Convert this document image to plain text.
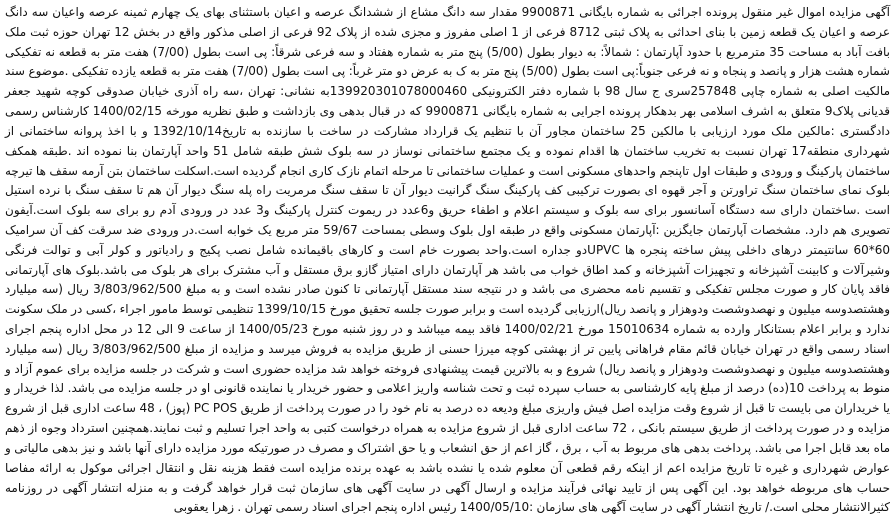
آگهی مزایده اموال غیر منقول پرونده اجرائی به شماره بایگانی 9900871 مقدار سه دانگ مشاع از ششدانگ عرصه و اعیان باستثنای بهای یک چهارم ثمینه عرصه واعیان سه دانگ عرصه و اعیان یک قطعه زمین با بنای احداثی به پلاک ثبتی 8712 فرعی از 1 اصلی مفروز و مجزی شده از پلاک 92 فرعی از اصلی مذکور واقع در بخش 12 تهران حوزه ثبت ملک بافت آباد به مساحت 35 مترمربع با حدود آپارتمان : شمالاً: به دیوار بطول (5/00) پنج متر به شماره هفتاد و سه فرعی شرقاً: پی است بطول (7/00) هفت متر به قطعه نه تفکیکی شماره هشت هزار و پانصد و پنجاه و نه فرعی جنوباً:پی است بطول (5/00) پنج متر به ک به عرض دو متر غرباً: پی است بطول (7/00) هفت متر به قطعه یازده تفکیکی .موضوع سند مالکیت اصلی به شماره چاپی 257848سری ج سال 98 با شماره دفتر الکترونیکی 139920301078000460به نشانی: تهران ،سه راه آذری خیابان صدوقی کوچه شهید جعفر قدیانی پلاک9 متعلق به اشرف اسلامی بهر بدهکار پرونده اجرایی به شماره بایگانی 9900871 که در قبال بدهی وی بازداشت و طبق نظریه مورخه 1400/02/15 کارشناس رسمی دادگستری :مالکین ملک مورد ارزیابی با مالکین 25 ساختمان مجاور آن با تنظیم یک قرارداد مشارکت در ساخت با سازنده به تاریخ1392/10/14 و با اخذ پروانه ساختمانی از شهرداری منطقه17 تهران نسبت به تخریب ساختمان ها اقدام نموده و یک مجتمع ساختمانی نوساز در سه بلوک شش طبقه شامل 51 واحد آپارتمان بنا نموده اند .طبقه همکف ساختمان پارکینگ و ورودی و طبقات اول تاپنجم واحدهای مسکونی است و عملیات ساختمانی تا مرحله اتمام نازک کاری انجام گردیده است.اسکلت ساختمان بتن آرمه سقف ها تیرچه بلوک نمای ساختمان سنگ تراورتن و آجر قهوه ای بصورت ترکیبی کف پارکینگ سنگ گرانیت دیوار آن تا سقف سنگ مرمریت راه پله سنگ دیوار آن هم تا سقف سنگ با نرده استیل است .ساختمان دارای سه دستگاه آسانسور برای سه بلوک و سیستم اعلام و اطفاء حریق و6عدد در ریموت کنترل پارکینگ و3 عدد در ورودی آدم رو برای سه بلوک است.آیفون تصویری هم دارد. مشخصات آپارتمان جایگزین :آپارتمان مسکونی واقع در طبقه اول بلوک وسطی بمساحت 59/67 متر مربع یک خوابه است.در ورودی ضد سرقت کف آن سرامیک 60*60 سانتیمتر درهای داخلی پیش ساخته پنجره ها UPVCدو جداره است.واحد بصورت خام است و کارهای باقیمانده شامل نصب پکیج و رادیاتور و کولر آبی و توالت فرنگی وشیرآلات و کابینت آشپزخانه و تجهیزات آشپزخانه و کمد اطاق خواب می باشد هر آپارتمان دارای امتیاز گازو برق مستقل و آب مشترک برای هر بلوک می باشد.بلوک های آپارتمانی فاقد پایان کار و صورت مجلس تفکیکی و تقسیم نامه محضری می باشد و در نتیجه سند مستقل آپارتمانی تا کنون صادر نشده است و به مبلغ 3/803/962/500 ریال (سه میلیارد وهشتصدوسه میلیون و نهصدوشصت ودوهزار و پانصد ریال)ارزیابی گردیده است و برابر صورت جلسه تحقیق مورخ 1399/10/15 تنظیمی توسط مامور اجراء ،کسی در ملک سکونت ندارد و برابر اعلام بستانکار وارده به شماره 15010634 مورخ 1400/02/21 فاقد بیمه میباشد و در روز شنبه مورخ 1400/05/23 از ساعت 9 الی 12 در محل اداره پنجم اجرای اسناد رسمی واقع در تهران خیابان قائم مقام فراهانی پایین تر از بهشتی کوچه میرزا حسنی از طریق مزایده به فروش میرسد و مزایده از مبلغ 3/803/962/500 ریال (سه میلیارد وهشتصدوسه میلیون و نهصدوشصت ودوهزار و پانصد ریال) شروع و به بالاترین قیمت پیشنهادی فروخته خواهد شد مزایده حضوری است و شرکت در جلسه مزایده برای عموم آزاد و منوط به پرداخت 10(ده) درصد از مبلغ پایه کارشناسی به حساب سپرده ثبت و تحت شناسه واریز اعلامی و حضور خریدار یا نماینده قانونی او در جلسه مزایده می باشد. لذا خریدار و یا خریداران می بایست تا قبل از شروع وقت مزایده اصل فیش واریزی مبلغ ودیعه ده درصد به نام خود را در صورت پرداخت از طریق PC POS (پوز) ، 48 ساعت اداری قبل از شروع مزایده و در صورت پرداخت از طریق سیستم بانکی ، 72 ساعت اداری قبل از شروع مزایده به همراه درخواست کتبی به واحد اجرا تسلیم و ثبت نمایند.همچنین استرداد وجوه از ذهم ماه بعد قابل اجرا می باشد. پرداخت بدهی های مربوط به آب ، برق ، گاز اعم از حق انشعاب و یا حق اشتراک و مصرف در صورتیکه مورد مزایده دارای آنها باشد و نیز بدهی مالیاتی و عوارض شهرداری و غیره تا تاریخ مزایده اعم از اینکه رقم قطعی آن معلوم شده یا نشده باشد به عهده برنده مزایده است فقط هزینه نقل و انتقال اجرائی موکول به ارائه مفاصا حساب های مربوطه خواهد بود. این آگهی پس از تایید نهائی فرآیند مزایده و ارسال آگهی در سایت آگهی های سازمان ثبت قرار خواهد گرفت و به منزله انتشار آگهی در روزنامه کثیرالانتشار محلی است./ تاریخ انتشار آگهی در سایت آگهی های سازمان :1400/05/10 رئیس اداره پنجم اجرای اسناد رسمی تهران . زهرا یعقوبی
